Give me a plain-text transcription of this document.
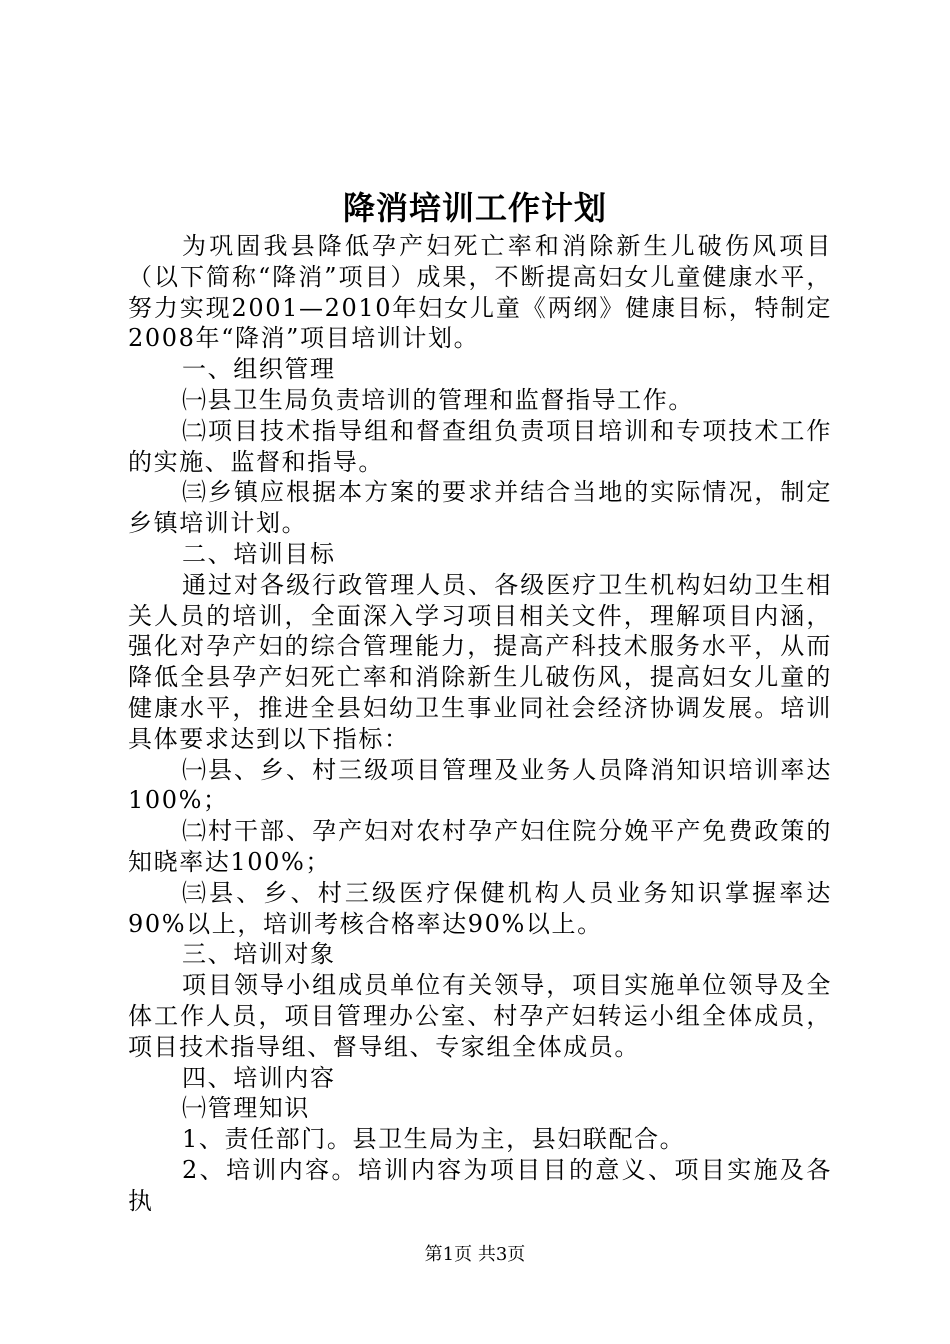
降消培训工作计划

为巩固我县降低孕产妇死亡率和消除新生儿破伤风项目（以下简称“降消”项目）成果，不断提高妇女儿童健康水平，努力实现2001—2010年妇女儿童《两纲》健康目标，特制定2008年“降消”项目培训计划。

一、组织管理

㈠县卫生局负责培训的管理和监督指导工作。

㈡项目技术指导组和督查组负责项目培训和专项技术工作的实施、监督和指导。

㈢乡镇应根据本方案的要求并结合当地的实际情况，制定乡镇培训计划。

二、培训目标

通过对各级行政管理人员、各级医疗卫生机构妇幼卫生相关人员的培训，全面深入学习项目相关文件，理解项目内涵，强化对孕产妇的综合管理能力，提高产科技术服务水平，从而降低全县孕产妇死亡率和消除新生儿破伤风，提高妇女儿童的健康水平，推进全县妇幼卫生事业同社会经济协调发展。培训具体要求达到以下指标：

㈠县、乡、村三级项目管理及业务人员降消知识培训率达100%；

㈡村干部、孕产妇对农村孕产妇住院分娩平产免费政策的知晓率达100%；

㈢县、乡、村三级医疗保健机构人员业务知识掌握率达90%以上，培训考核合格率达90%以上。

三、培训对象

项目领导小组成员单位有关领导，项目实施单位领导及全体工作人员，项目管理办公室、村孕产妇转运小组全体成员，项目技术指导组、督导组、专家组全体成员。

四、培训内容

㈠管理知识

1、责任部门。县卫生局为主，县妇联配合。

2、培训内容。培训内容为项目目的意义、项目实施及各执

第1页 共3页
